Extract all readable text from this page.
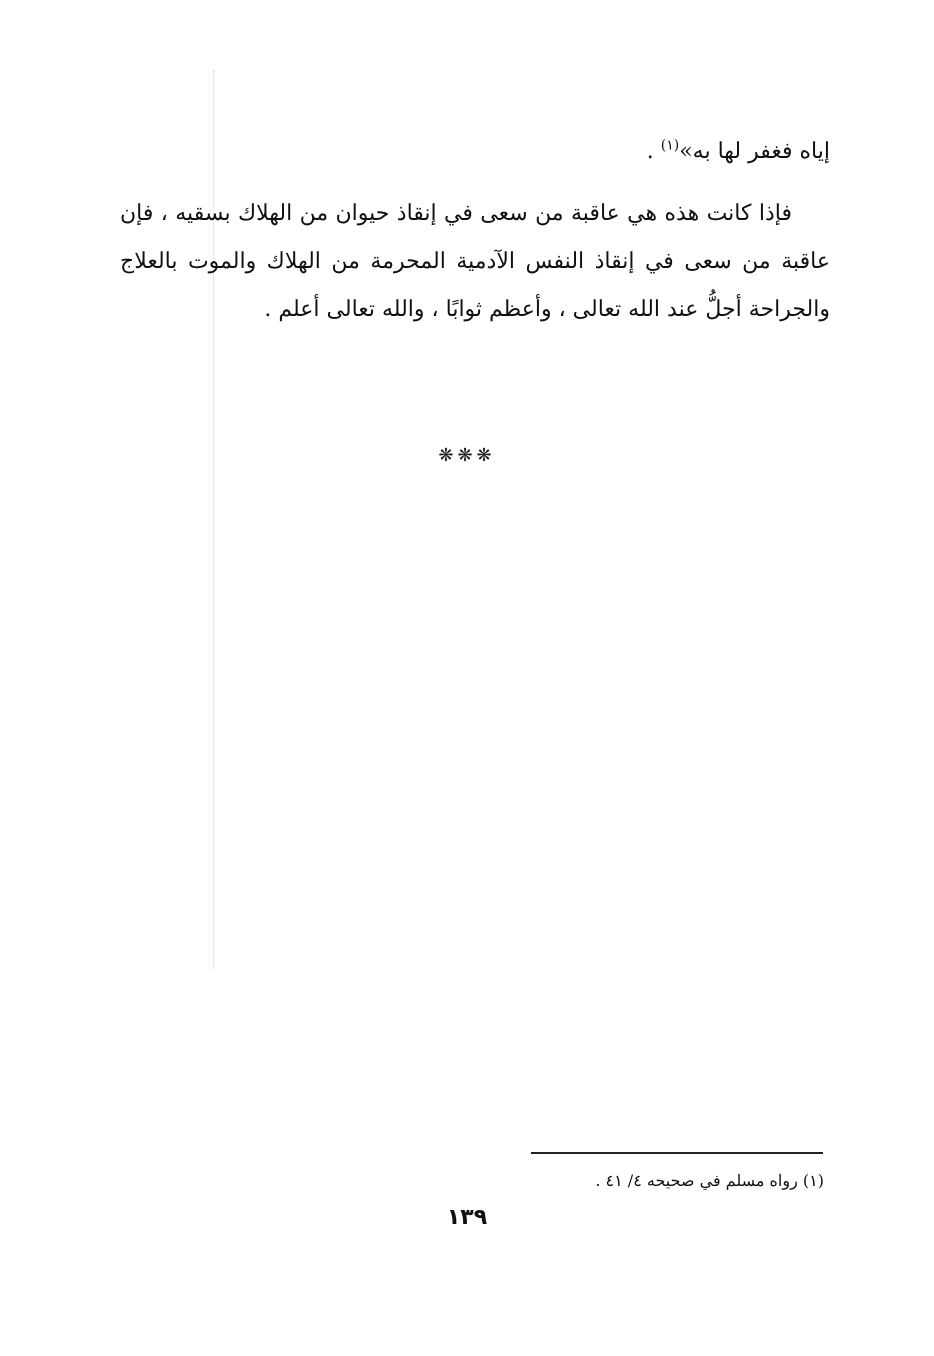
إياه فغفر لها به»$^{(١)}$ .
فإذا كانت هذه هي عاقبة من سعى في إنقاذ حيوان من الهلاك بسقيه ، فإن عاقبة من سعى في إنقاذ النفس الآدمية المحرمة من الهلاك والموت بالعلاج والجراحة أجلُّ عند الله تعالى ، وأعظم ثوابًا ، والله تعالى أعلم .
❋❋❋
(١) رواه مسلم في صحيحه ٤/ ٤١ .
١٣٩
